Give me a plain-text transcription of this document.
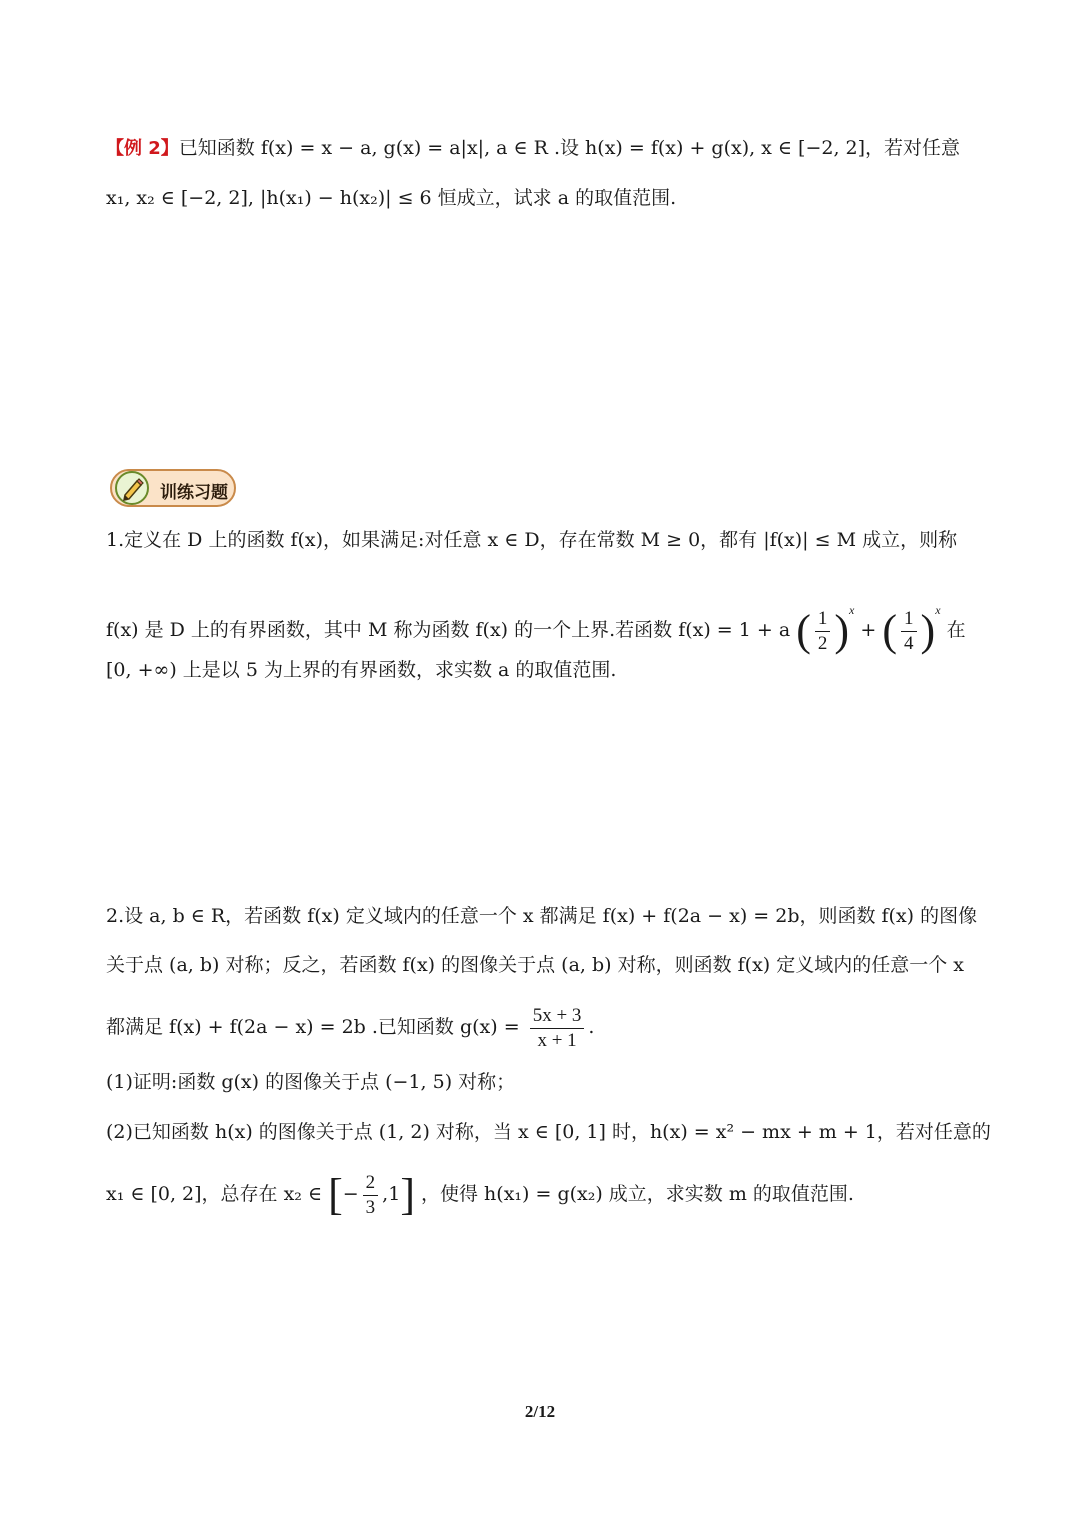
【例 2】已知函数 f(x) = x − a, g(x) = a|x|, a ∈ R .设 h(x) = f(x) + g(x), x ∈ [−2, 2]，若对任意
x₁, x₂ ∈ [−2, 2], |h(x₁) − h(x₂)| ≤ 6 恒成立，试求 a 的取值范围.
训练习题
1.定义在 D 上的函数 f(x)，如果满足:对任意 x ∈ D，存在常数 M ≥ 0，都有 |f(x)| ≤ M 成立，则称
f(x) 是 D 上的有界函数，其中 M 称为函数 f(x) 的一个上界.若函数 f(x) = 1 + a ( $\frac{1}{2} )^x$ + ( $\frac{1}{4} )^x$ 在
[0, +∞) 上是以 5 为上界的有界函数，求实数 a 的取值范围.
2.设 a, b ∈ R，若函数 f(x) 定义域内的任意一个 x 都满足 f(x) + f(2a − x) = 2b，则函数 f(x) 的图像
关于点 (a, b) 对称；反之，若函数 f(x) 的图像关于点 (a, b) 对称，则函数 f(x) 定义域内的任意一个 x
都满足 f(x) + f(2a − x) = 2b .已知函数 $g(x) = \frac{5x + 3}{x + 1}$ .
(1)证明:函数 g(x) 的图像关于点 (−1, 5) 对称；
(2)已知函数 h(x) 的图像关于点 (1, 2) 对称，当 x ∈ [0, 1] 时，h(x) = x² − mx + m + 1，若对任意的
x₁ ∈ [0, 2]，总存在 x₂ ∈ [− $\frac{2}{3} ,1$] ，使得 h(x₁) = g(x₂) 成立，求实数 m 的取值范围.
2/12
